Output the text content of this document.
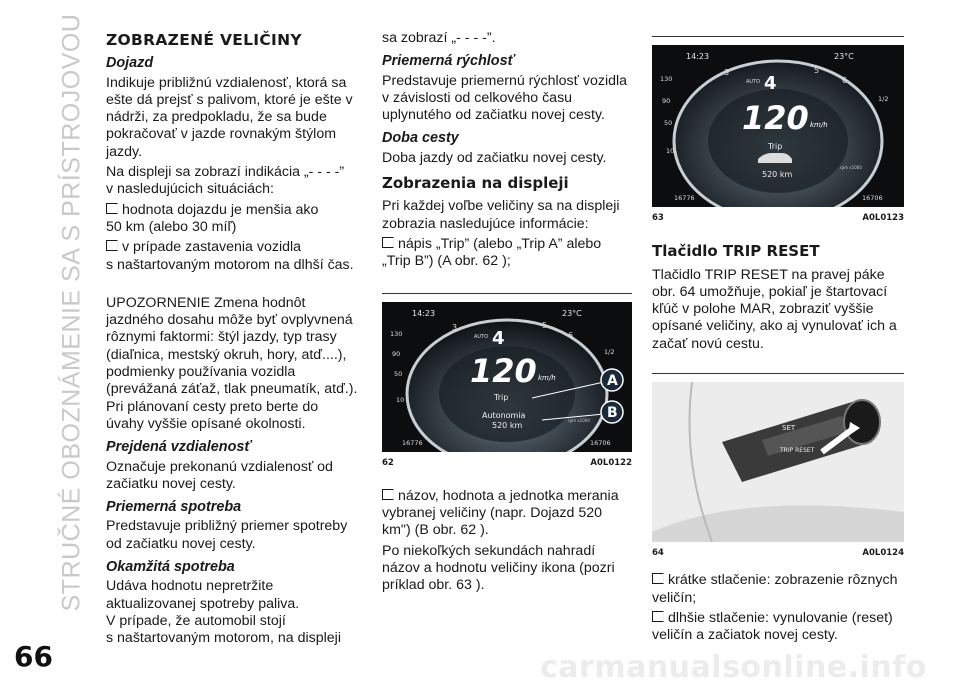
STRUČNÉ OBOZNÁMENIE SA S PRÍSTROJOVOU
66	carmanualsonline.info
ZOBRAZENÉ VELIČINY
Dojazd

Indikuje približnú vzdialenosť, ktorá sa ešte dá prejsť s palivom, ktoré je ešte v nádrži, za predpokladu, že sa bude pokračovať v jazde rovnakým štýlom jazdy.

Na displeji sa zobrazí indikácia „- - - -”
v nasledujúcich situáciách:

hodnota dojazdu je menšia ako
50 km (alebo 30 míľ)

v prípade zastavenia vozidla
s naštartovaným motorom na dlhší čas.

UPOZORNENIE Zmena hodnôt jazdného dosahu môže byť ovplyvnená rôznymi faktormi: štýl jazdy, typ trasy (diaľnica, mestský okruh, hory, atď....), podmienky používania vozidla (prevážaná záťaž, tlak pneumatík, atď.). Pri plánovaní cesty preto berte do úvahy vyššie opísané okolnosti.

Prejdená vzdialenosť

Označuje prekonanú vzdialenosť od začiatku novej cesty.

Priemerná spotreba

Predstavuje približný priemer spotreby od začiatku novej cesty.

Okamžitá spotreba

Udáva hodnotu nepretržite aktualizovanej spotreby paliva.
V prípade, že automobil stojí
s naštartovaným motorom, na displeji

sa zobrazí „- - - -”.

Priemerná rýchlosť

Predstavuje priemernú rýchlosť vozidla v závislosti od celkového času uplynutého od začiatku novej cesty.

Doba cesty

Doba jazdy od začiatku novej cesty.

Zobrazenia na displeji

Pri každej voľbe veličiny sa na displeji zobrazia nasledujúce informácie:

nápis „Trip” (alebo „Trip A” alebo „Trip B”) (A obr. 62 );

14:23	23°C
130
90
50
10
3	5
6
1/2
AUTO 4
120 km/h
Trip
Autonomia
520 km
rpm x1000
16776	16706
A
B
62	A0L0122

názov, hodnota a jednotka merania vybranej veličiny (napr. Dojazd 520 km") (B obr. 62 ).

Po niekoľkých sekundách nahradí názov a hodnotu veličiny ikona (pozri príklad obr. 63 ).

14:23	23°C
130
90
50
10
3	5
6
1/2
AUTO 4
120 km/h
Trip
520 km
rpm x1000
16776	16706
63	A0L0123
Tlačidlo TRIP RESET

Tlačidlo TRIP RESET na pravej páke obr. 64 umožňuje, pokiaľ je štartovací kľúč v polohe MAR, zobraziť vyššie opísané veličiny, ako aj vynulovať ich a začať novú cestu.

SET
TRIP RESET
64	A0L0124

krátke stlačenie: zobrazenie rôznych
veličín;

dlhšie stlačenie: vynulovanie (reset)
veličín a začiatok novej cesty.
